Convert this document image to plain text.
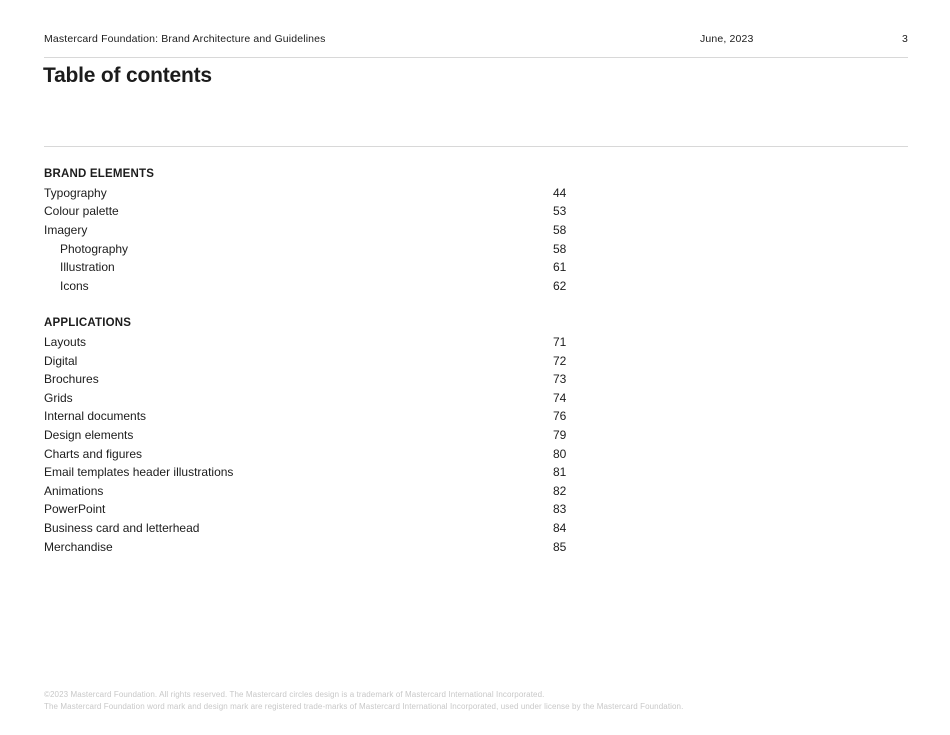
Mastercard Foundation: Brand Architecture and Guidelines	June, 2023	3
Table of contents
BRAND ELEMENTS
Typography	44
Colour palette	53
Imagery	58
Photography	58
Illustration	61
Icons	62
APPLICATIONS
Layouts	71
Digital	72
Brochures	73
Grids	74
Internal documents	76
Design elements	79
Charts and figures	80
Email templates header illustrations	81
Animations	82
PowerPoint	83
Business card and letterhead	84
Merchandise	85
©2023 Mastercard Foundation. All rights reserved. The Mastercard circles design is a trademark of Mastercard International Incorporated.
The Mastercard Foundation word mark and design mark are registered trade-marks of Mastercard International Incorporated, used under license by the Mastercard Foundation.
